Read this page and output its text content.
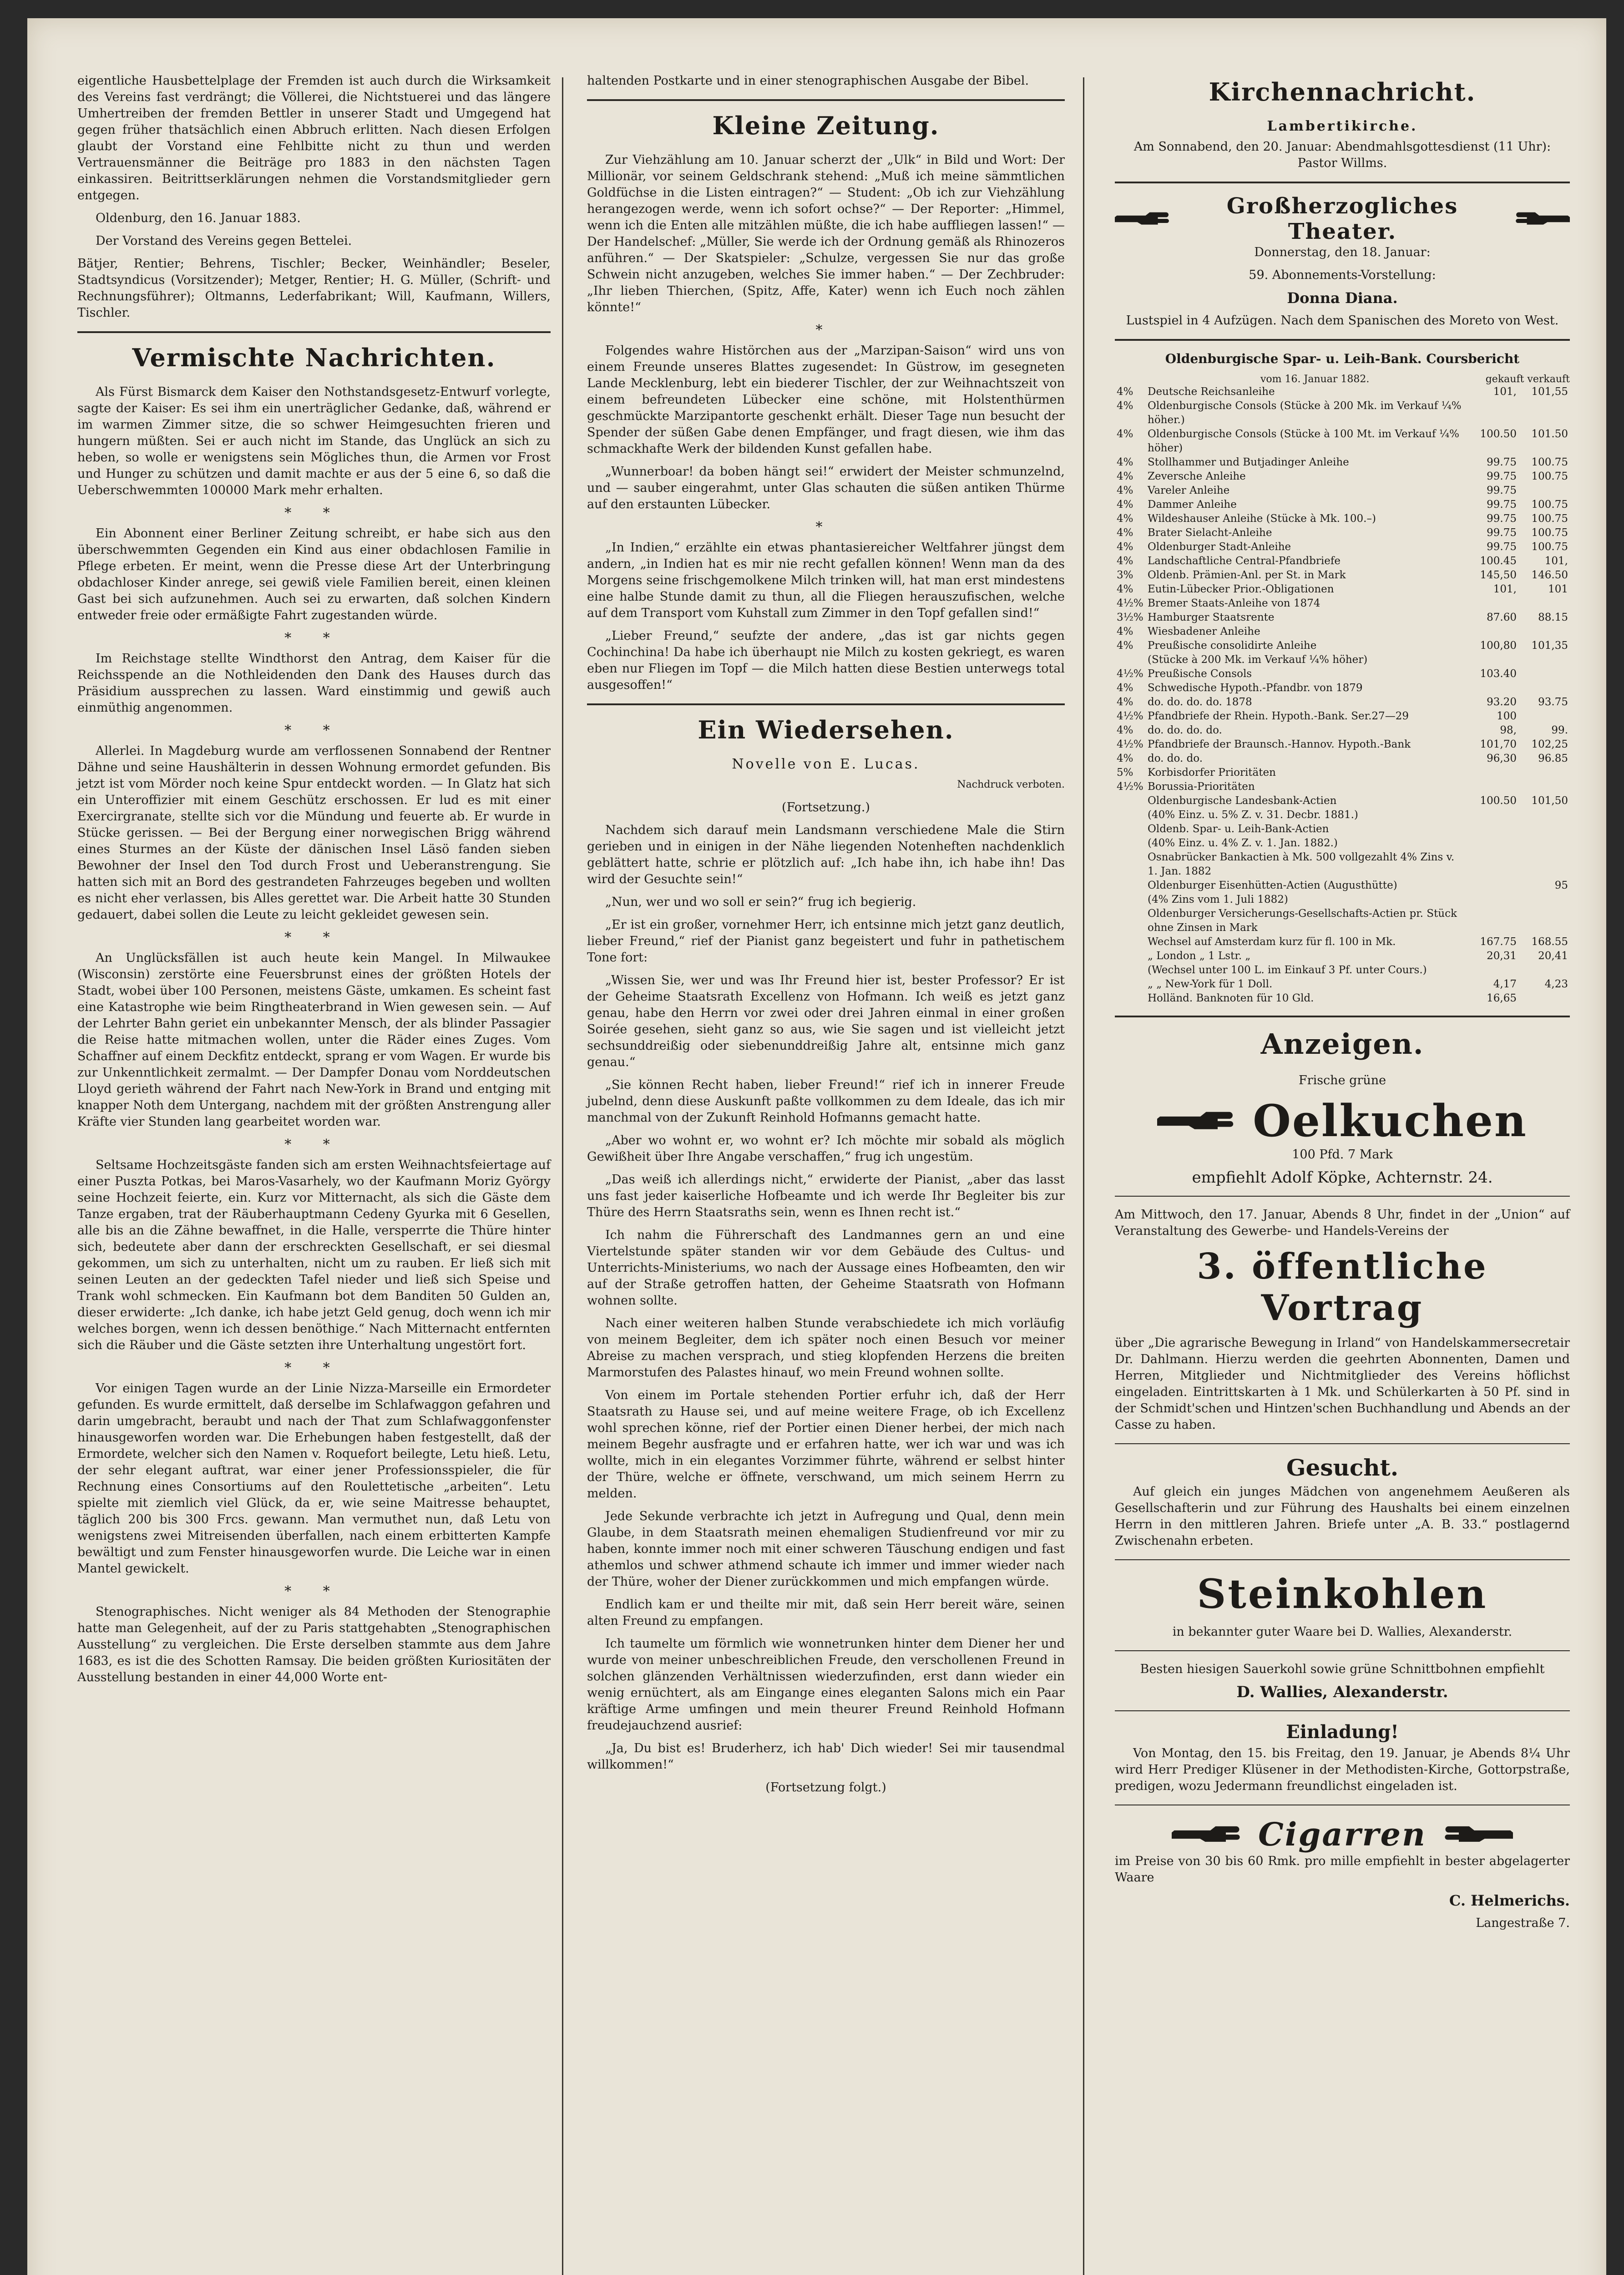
eigentliche Hausbettelplage der Fremden ist auch durch die Wirksamkeit des Vereins fast verdrängt; die Völlerei, die Nichtstuerei und das längere Umhertreiben der fremden Bettler in unserer Stadt und Umgegend hat gegen früher thatsächlich einen Abbruch erlitten. Nach diesen Erfolgen glaubt der Vorstand eine Fehlbitte nicht zu thun und werden Vertrauensmänner die Beiträge pro 1883 in den nächsten Tagen einkassiren. Beitrittserklärungen nehmen die Vorstandsmitglieder gern entgegen.

Oldenburg, den 16. Januar 1883.

Der Vorstand des Vereins gegen Bettelei.

Bätjer, Rentier; Behrens, Tischler; Becker, Weinhändler; Beseler, Stadtsyndicus (Vorsitzender); Metger, Rentier; H. G. Müller, (Schrift- und Rechnungsführer); Oltmanns, Lederfabrikant; Will, Kaufmann, Willers, Tischler.

Vermischte Nachrichten.

Als Fürst Bismarck dem Kaiser den Nothstandsgesetz-Entwurf vorlegte, sagte der Kaiser: Es sei ihm ein unerträglicher Gedanke, daß, während er im warmen Zimmer sitze, die so schwer Heimgesuchten frieren und hungern müßten. Sei er auch nicht im Stande, das Unglück an sich zu heben, so wolle er wenigstens sein Mögliches thun, die Armen vor Frost und Hunger zu schützen und damit machte er aus der 5 eine 6, so daß die Ueberschwemmten 100000 Mark mehr erhalten.

* *

Ein Abonnent einer Berliner Zeitung schreibt, er habe sich aus den überschwemmten Gegenden ein Kind aus einer obdachlosen Familie in Pflege erbeten. Er meint, wenn die Presse diese Art der Unterbringung obdachloser Kinder anrege, sei gewiß viele Familien bereit, einen kleinen Gast bei sich aufzunehmen. Auch sei zu erwarten, daß solchen Kindern entweder freie oder ermäßigte Fahrt zugestanden würde.

* *

Im Reichstage stellte Windthorst den Antrag, dem Kaiser für die Reichsspende an die Nothleidenden den Dank des Hauses durch das Präsidium aussprechen zu lassen. Ward einstimmig und gewiß auch einmüthig angenommen.

* *

Allerlei. In Magdeburg wurde am verflossenen Sonnabend der Rentner Dähne und seine Haushälterin in dessen Wohnung ermordet gefunden. Bis jetzt ist vom Mörder noch keine Spur entdeckt worden. — In Glatz hat sich ein Unteroffizier mit einem Geschütz erschossen. Er lud es mit einer Exercirgranate, stellte sich vor die Mündung und feuerte ab. Er wurde in Stücke gerissen. — Bei der Bergung einer norwegischen Brigg während eines Sturmes an der Küste der dänischen Insel Läsö fanden sieben Bewohner der Insel den Tod durch Frost und Ueberanstrengung. Sie hatten sich mit an Bord des gestrandeten Fahrzeuges begeben und wollten es nicht eher verlassen, bis Alles gerettet war. Die Arbeit hatte 30 Stunden gedauert, dabei sollen die Leute zu leicht gekleidet gewesen sein.

* *

An Unglücksfällen ist auch heute kein Mangel. In Milwaukee (Wisconsin) zerstörte eine Feuersbrunst eines der größten Hotels der Stadt, wobei über 100 Personen, meistens Gäste, umkamen. Es scheint fast eine Katastrophe wie beim Ringtheaterbrand in Wien gewesen sein. — Auf der Lehrter Bahn geriet ein unbekannter Mensch, der als blinder Passagier die Reise hatte mitmachen wollen, unter die Räder eines Zuges. Vom Schaffner auf einem Deckfitz entdeckt, sprang er vom Wagen. Er wurde bis zur Unkenntlichkeit zermalmt. — Der Dampfer Donau vom Norddeutschen Lloyd gerieth während der Fahrt nach New-York in Brand und entging mit knapper Noth dem Untergang, nachdem mit der größten Anstrengung aller Kräfte vier Stunden lang gearbeitet worden war.

* *

Seltsame Hochzeitsgäste fanden sich am ersten Weihnachtsfeiertage auf einer Puszta Potkas, bei Maros-Vasarhely, wo der Kaufmann Moriz György seine Hochzeit feierte, ein. Kurz vor Mitternacht, als sich die Gäste dem Tanze ergaben, trat der Räuberhauptmann Cedeny Gyurka mit 6 Gesellen, alle bis an die Zähne bewaffnet, in die Halle, versperrte die Thüre hinter sich, bedeutete aber dann der erschreckten Gesellschaft, er sei diesmal gekommen, um sich zu unterhalten, nicht um zu rauben. Er ließ sich mit seinen Leuten an der gedeckten Tafel nieder und ließ sich Speise und Trank wohl schmecken. Ein Kaufmann bot dem Banditen 50 Gulden an, dieser erwiderte: „Ich danke, ich habe jetzt Geld genug, doch wenn ich mir welches borgen, wenn ich dessen benöthige.“ Nach Mitternacht entfernten sich die Räuber und die Gäste setzten ihre Unterhaltung ungestört fort.

* *

Vor einigen Tagen wurde an der Linie Nizza-Marseille ein Ermordeter gefunden. Es wurde ermittelt, daß derselbe im Schlafwaggon gefahren und darin umgebracht, beraubt und nach der That zum Schlafwaggonfenster hinausgeworfen worden war. Die Erhebungen haben festgestellt, daß der Ermordete, welcher sich den Namen v. Roquefort beilegte, Letu hieß. Letu, der sehr elegant auftrat, war einer jener Professionsspieler, die für Rechnung eines Consortiums auf den Roulettetische „arbeiten“. Letu spielte mit ziemlich viel Glück, da er, wie seine Maitresse behauptet, täglich 200 bis 300 Frcs. gewann. Man vermuthet nun, daß Letu von wenigstens zwei Mitreisenden überfallen, nach einem erbitterten Kampfe bewältigt und zum Fenster hinausgeworfen wurde. Die Leiche war in einen Mantel gewickelt.

* *

Stenographisches. Nicht weniger als 84 Methoden der Stenographie hatte man Gelegenheit, auf der zu Paris stattgehabten „Stenographischen Ausstellung“ zu vergleichen. Die Erste derselben stammte aus dem Jahre 1683, es ist die des Schotten Ramsay. Die beiden größten Kuriositäten der Ausstellung bestanden in einer 44,000 Worte ent-

haltenden Postkarte und in einer stenographischen Ausgabe der Bibel.

Kleine Zeitung.

Zur Viehzählung am 10. Januar scherzt der „Ulk“ in Bild und Wort: Der Millionär, vor seinem Geldschrank stehend: „Muß ich meine sämmtlichen Goldfüchse in die Listen eintragen?“ — Student: „Ob ich zur Viehzählung herangezogen werde, wenn ich sofort ochse?“ — Der Reporter: „Himmel, wenn ich die Enten alle mitzählen müßte, die ich habe auffliegen lassen!“ — Der Handelschef: „Müller, Sie werde ich der Ordnung gemäß als Rhinozeros anführen.“ — Der Skatspieler: „Schulze, vergessen Sie nur das große Schwein nicht anzugeben, welches Sie immer haben.“ — Der Zechbruder: „Ihr lieben Thierchen, (Spitz, Affe, Kater) wenn ich Euch noch zählen könnte!“

*

Folgendes wahre Histörchen aus der „Marzipan-Saison“ wird uns von einem Freunde unseres Blattes zugesendet: In Güstrow, im gesegneten Lande Mecklenburg, lebt ein biederer Tischler, der zur Weihnachtszeit von einem befreundeten Lübecker eine schöne, mit Holstenthürmen geschmückte Marzipantorte geschenkt erhält. Dieser Tage nun besucht der Spender der süßen Gabe denen Empfänger, und fragt diesen, wie ihm das schmackhafte Werk der bildenden Kunst gefallen habe.

„Wunnerboar! da boben hängt sei!“ erwidert der Meister schmunzelnd, und — sauber eingerahmt, unter Glas schauten die süßen antiken Thürme auf den erstaunten Lübecker.

*

„In Indien,“ erzählte ein etwas phantasiereicher Weltfahrer jüngst dem andern, „in Indien hat es mir nie recht gefallen können! Wenn man da des Morgens seine frischgemolkene Milch trinken will, hat man erst mindestens eine halbe Stunde damit zu thun, all die Fliegen herauszufischen, welche auf dem Transport vom Kuhstall zum Zimmer in den Topf gefallen sind!“

„Lieber Freund,“ seufzte der andere, „das ist gar nichts gegen Cochinchina! Da habe ich überhaupt nie Milch zu kosten gekriegt, es waren eben nur Fliegen im Topf — die Milch hatten diese Bestien unterwegs total ausgesoffen!“

Ein Wiedersehen.
Novelle von E. Lucas.

Nachdruck verboten.

(Fortsetzung.)

Nachdem sich darauf mein Landsmann verschiedene Male die Stirn gerieben und in einigen in der Nähe liegenden Notenheften nachdenklich geblättert hatte, schrie er plötzlich auf: „Ich habe ihn, ich habe ihn! Das wird der Gesuchte sein!“

„Nun, wer und wo soll er sein?“ frug ich begierig.

„Er ist ein großer, vornehmer Herr, ich entsinne mich jetzt ganz deutlich, lieber Freund,“ rief der Pianist ganz begeistert und fuhr in pathetischem Tone fort:

„Wissen Sie, wer und was Ihr Freund hier ist, bester Professor? Er ist der Geheime Staatsrath Excellenz von Hofmann. Ich weiß es jetzt ganz genau, habe den Herrn vor zwei oder drei Jahren einmal in einer großen Soirée gesehen, sieht ganz so aus, wie Sie sagen und ist vielleicht jetzt sechsunddreißig oder siebenunddreißig Jahre alt, entsinne mich ganz genau.“

„Sie können Recht haben, lieber Freund!“ rief ich in innerer Freude jubelnd, denn diese Auskunft paßte vollkommen zu dem Ideale, das ich mir manchmal von der Zukunft Reinhold Hofmanns gemacht hatte.

„Aber wo wohnt er, wo wohnt er? Ich möchte mir sobald als möglich Gewißheit über Ihre Angabe verschaffen,“ frug ich ungestüm.

„Das weiß ich allerdings nicht,“ erwiderte der Pianist, „aber das lasst uns fast jeder kaiserliche Hofbeamte und ich werde Ihr Begleiter bis zur Thüre des Herrn Staatsraths sein, wenn es Ihnen recht ist.“

Ich nahm die Führerschaft des Landmannes gern an und eine Viertelstunde später standen wir vor dem Gebäude des Cultus- und Unterrichts-Ministeriums, wo nach der Aussage eines Hofbeamten, den wir auf der Straße getroffen hatten, der Geheime Staatsrath von Hofmann wohnen sollte.

Nach einer weiteren halben Stunde verabschiedete ich mich vorläufig von meinem Begleiter, dem ich später noch einen Besuch vor meiner Abreise zu machen versprach, und stieg klopfenden Herzens die breiten Marmorstufen des Palastes hinauf, wo mein Freund wohnen sollte.

Von einem im Portale stehenden Portier erfuhr ich, daß der Herr Staatsrath zu Hause sei, und auf meine weitere Frage, ob ich Excellenz wohl sprechen könne, rief der Portier einen Diener herbei, der mich nach meinem Begehr ausfragte und er erfahren hatte, wer ich war und was ich wollte, mich in ein elegantes Vorzimmer führte, während er selbst hinter der Thüre, welche er öffnete, verschwand, um mich seinem Herrn zu melden.

Jede Sekunde verbrachte ich jetzt in Aufregung und Qual, denn mein Glaube, in dem Staatsrath meinen ehemaligen Studienfreund vor mir zu haben, konnte immer noch mit einer schweren Täuschung endigen und fast athemlos und schwer athmend schaute ich immer und immer wieder nach der Thüre, woher der Diener zurückkommen und mich empfangen würde.

Endlich kam er und theilte mir mit, daß sein Herr bereit wäre, seinen alten Freund zu empfangen.

Ich taumelte um förmlich wie wonnetrunken hinter dem Diener her und wurde von meiner unbeschreiblichen Freude, den verschollenen Freund in solchen glänzenden Verhältnissen wiederzufinden, erst dann wieder ein wenig ernüchtert, als am Eingange eines eleganten Salons mich ein Paar kräftige Arme umfingen und mein theurer Freund Reinhold Hofmann freudejauchzend ausrief:

„Ja, Du bist es! Bruderherz, ich hab' Dich wieder! Sei mir tausendmal willkommen!“

(Fortsetzung folgt.)

Kirchennachricht.
Lambertikirche.

Am Sonnabend, den 20. Januar: Abendmahlsgottesdienst (11 Uhr): Pastor Willms.

Großherzogliches Theater.

Donnerstag, den 18. Januar:

59. Abonnements-Vorstellung:

Donna Diana.

Lustspiel in 4 Aufzügen. Nach dem Spanischen des Moreto von West.

Oldenburgische Spar- u. Leih-Bank. Coursbericht

vom 16. Januar 1882.	gekauft verkauft
4%	Deutsche Reichsanleihe	101,	101,55
4%	Oldenburgische Consols (Stücke à 200 Mk. im Verkauf ¼% höher.)		
4%	Oldenburgische Consols (Stücke à 100 Mt. im Verkauf ¼% höher)	100.50	101.50
4%	Stollhammer und Butjadinger Anleihe	99.75	100.75
4%	Zeversche Anleihe	99.75	100.75
4%	Vareler Anleihe	99.75	
4%	Dammer Anleihe	99.75	100.75
4%	Wildeshauser Anleihe (Stücke à Mk. 100.–)	99.75	100.75
4%	Brater Sielacht-Anleihe	99.75	100.75
4%	Oldenburger Stadt-Anleihe	99.75	100.75
4%	Landschaftliche Central-Pfandbriefe	100.45	101,
3%	Oldenb. Prämien-Anl. per St. in Mark	145,50	146.50
4%	Eutin-Lübecker Prior.-Obligationen	101,	101
4½%	Bremer Staats-Anleihe von 1874		
3½%	Hamburger Staatsrente	87.60	88.15
4%	Wiesbadener Anleihe		
4%	Preußische consolidirte Anleihe	100,80	101,35
	(Stücke à 200 Mk. im Verkauf ¼% höher)		
4½%	Preußische Consols	103.40	
4%	Schwedische Hypoth.-Pfandbr. von 1879		
4%	do. do. do. do. 1878	93.20	93.75
4½%	Pfandbriefe der Rhein. Hypoth.-Bank. Ser.27—29	100	
4%	do. do. do. do.	98,	99.
4½%	Pfandbriefe der Braunsch.-Hannov. Hypoth.-Bank	101,70	102,25
4%	do. do. do.	96,30	96.85
5%	Korbisdorfer Prioritäten		
4½%	Borussia-Prioritäten		
	Oldenburgische Landesbank-Actien	100.50	101,50
	(40% Einz. u. 5% Z. v. 31. Decbr. 1881.)		
	Oldenb. Spar- u. Leih-Bank-Actien		
	(40% Einz. u. 4% Z. v. 1. Jan. 1882.)		
	Osnabrücker Bankactien à Mk. 500 vollgezahlt 4% Zins v. 1. Jan. 1882		
	Oldenburger Eisenhütten-Actien (Augusthütte)		95
	(4% Zins vom 1. Juli 1882)		
	Oldenburger Versicherungs-Gesellschafts-Actien pr. Stück ohne Zinsen in Mark		
	Wechsel auf Amsterdam kurz für fl. 100 in Mk.	167.75	168.55
	„ London „ 1 Lstr. „	20,31	20,41
	(Wechsel unter 100 L. im Einkauf 3 Pf. unter Cours.)		
	„ „ New-York für 1 Doll.	4,17	4,23
	Holländ. Banknoten für 10 Gld.	16,65	
Anzeigen.

Frische grüne

Oelkuchen

100 Pfd. 7 Mark

empfiehlt Adolf Köpke, Achternstr. 24.

Am Mittwoch, den 17. Januar, Abends 8 Uhr, findet in der „Union“ auf Veranstaltung des Gewerbe- und Handels-Vereins der

3. öffentliche Vortrag

über „Die agrarische Bewegung in Irland“ von Handelskammersecretair Dr. Dahlmann. Hierzu werden die geehrten Abonnenten, Damen und Herren, Mitglieder und Nichtmitglieder des Vereins höflichst eingeladen. Eintrittskarten à 1 Mk. und Schülerkarten à 50 Pf. sind in der Schmidt'schen und Hintzen'schen Buchhandlung und Abends an der Casse zu haben.

Gesucht.

Auf gleich ein junges Mädchen von angenehmem Aeußeren als Gesellschafterin und zur Führung des Haushalts bei einem einzelnen Herrn in den mittleren Jahren. Briefe unter „A. B. 33.“ postlagernd Zwischenahn erbeten.

Steinkohlen

in bekannter guter Waare bei D. Wallies, Alexanderstr.

Besten hiesigen Sauerkohl sowie grüne Schnittbohnen empfiehlt

D. Wallies, Alexanderstr.

Einladung!

Von Montag, den 15. bis Freitag, den 19. Januar, je Abends 8¼ Uhr wird Herr Prediger Klüsener in der Methodisten-Kirche, Gottorpstraße, predigen, wozu Jedermann freundlichst eingeladen ist.

Cigarren

im Preise von 30 bis 60 Rmk. pro mille empfiehlt in bester abgelagerter Waare

C. Helmerichs.

Langestraße 7.
